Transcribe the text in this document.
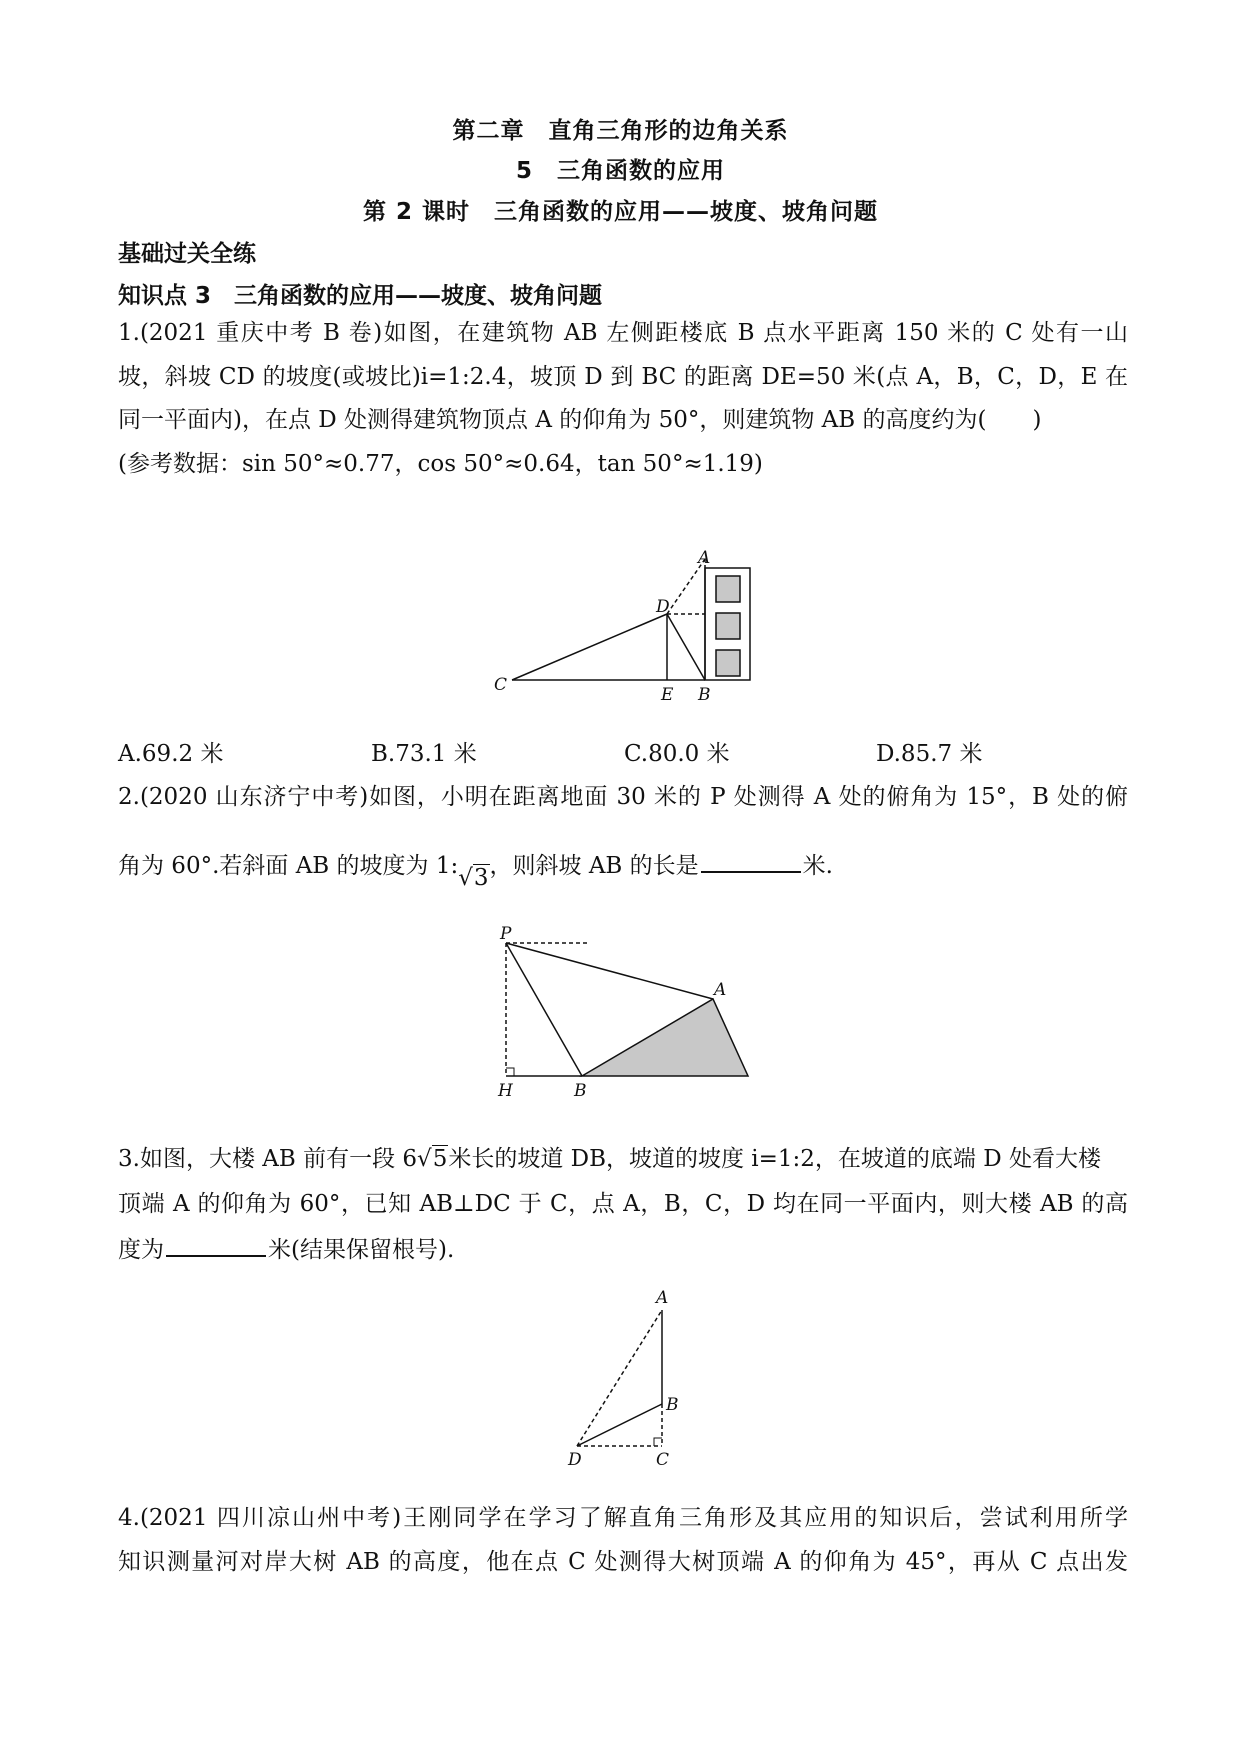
第二章　直角三角形的边角关系
5　三角函数的应用
第 2 课时　三角函数的应用——坡度、坡角问题
基础过关全练
知识点 3　三角函数的应用——坡度、坡角问题
1.(2021 重庆中考 B 卷)如图，在建筑物 AB 左侧距楼底 B 点水平距离 150 米的 C 处有一山
坡，斜坡 CD 的坡度(或坡比)i=1:2.4，坡顶 D 到 BC 的距离 DE=50 米(点 A，B，C，D，E 在
同一平面内)，在点 D 处测得建筑物顶点 A 的仰角为 50°，则建筑物 AB 的高度约为(　　)
(参考数据：sin 50°≈0.77，cos 50°≈0.64，tan 50°≈1.19)
A
D
C	E B
A.69.2 米	B.73.1 米	C.80.0 米	D.85.7 米
2.(2020 山东济宁中考)如图，小明在距离地面 30 米的 P 处测得 A 处的俯角为 15°，B 处的俯
角为 60°.若斜面 AB 的坡度为 1:√3，则斜坡 AB 的长是	米.
P
A
H	B
3.如图，大楼 AB 前有一段 6√5米长的坡道 DB，坡道的坡度 i=1:2，在坡道的底端 D 处看大楼
顶端 A 的仰角为 60°，已知 AB⊥DC 于 C，点 A，B，C，D 均在同一平面内，则大楼 AB 的高
度为	米(结果保留根号).
A
B
D	C
4.(2021 四川凉山州中考)王刚同学在学习了解直角三角形及其应用的知识后，尝试利用所学
知识测量河对岸大树 AB 的高度，他在点 C 处测得大树顶端 A 的仰角为 45°，再从 C 点出发
